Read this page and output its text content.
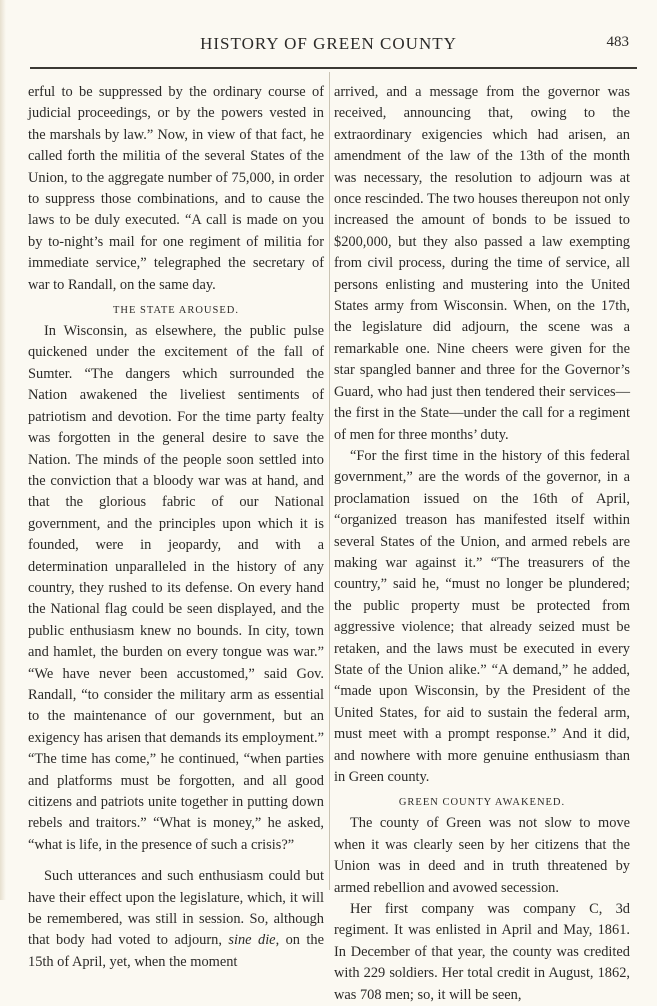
HISTORY OF GREEN COUNTY	483

erful to be suppressed by the ordinary course of judicial proceedings, or by the powers vested in the marshals by law.” Now, in view of that fact, he called forth the militia of the several States of the Union, to the aggregate number of 75,000, in order to suppress those combinations, and to cause the laws to be duly executed. “A call is made on you by to-night’s mail for one regiment of militia for immediate service,” telegraphed the secretary of war to Randall, on the same day.

THE STATE AROUSED.

In Wisconsin, as elsewhere, the public pulse quickened under the excitement of the fall of Sumter. “The dangers which surrounded the Nation awakened the liveliest sentiments of patriotism and devotion. For the time party fealty was forgotten in the general desire to save the Nation. The minds of the people soon settled into the conviction that a bloody war was at hand, and that the glorious fabric of our National government, and the principles upon which it is founded, were in jeopardy, and with a determination unparalleled in the history of any country, they rushed to its defense. On every hand the National flag could be seen displayed, and the public enthusiasm knew no bounds. In city, town and hamlet, the burden on every tongue was war.” “We have never been accustomed,” said Gov. Randall, “to consider the military arm as essential to the maintenance of our government, but an exigency has arisen that demands its employment.” “The time has come,” he continued, “when parties and platforms must be forgotten, and all good citizens and patriots unite together in putting down rebels and traitors.” “What is money,” he asked, “what is life, in the presence of such a crisis?”

Such utterances and such enthusiasm could but have their effect upon the legislature, which, it will be remembered, was still in session. So, although that body had voted to adjourn, sine die, on the 15th of April, yet, when the moment

arrived, and a message from the governor was received, announcing that, owing to the extraordinary exigencies which had arisen, an amendment of the law of the 13th of the month was necessary, the resolution to adjourn was at once rescinded. The two houses thereupon not only increased the amount of bonds to be issued to $200,000, but they also passed a law exempting from civil process, during the time of service, all persons enlisting and mustering into the United States army from Wisconsin. When, on the 17th, the legislature did adjourn, the scene was a remarkable one. Nine cheers were given for the star spangled banner and three for the Governor’s Guard, who had just then tendered their services—the first in the State—under the call for a regiment of men for three months’ duty.

“For the first time in the history of this federal government,” are the words of the governor, in a proclamation issued on the 16th of April, “organized treason has manifested itself within several States of the Union, and armed rebels are making war against it.” “The treasurers of the country,” said he, “must no longer be plundered; the public property must be protected from aggressive violence; that already seized must be retaken, and the laws must be executed in every State of the Union alike.” “A demand,” he added, “made upon Wisconsin, by the President of the United States, for aid to sustain the federal arm, must meet with a prompt response.” And it did, and nowhere with more genuine enthusiasm than in Green county.

GREEN COUNTY AWAKENED.

The county of Green was not slow to move when it was clearly seen by her citizens that the Union was in deed and in truth threatened by armed rebellion and avowed secession.

Her first company was company C, 3d regiment. It was enlisted in April and May, 1861. In December of that year, the county was credited with 229 soldiers. Her total credit in August, 1862, was 708 men; so, it will be seen,
